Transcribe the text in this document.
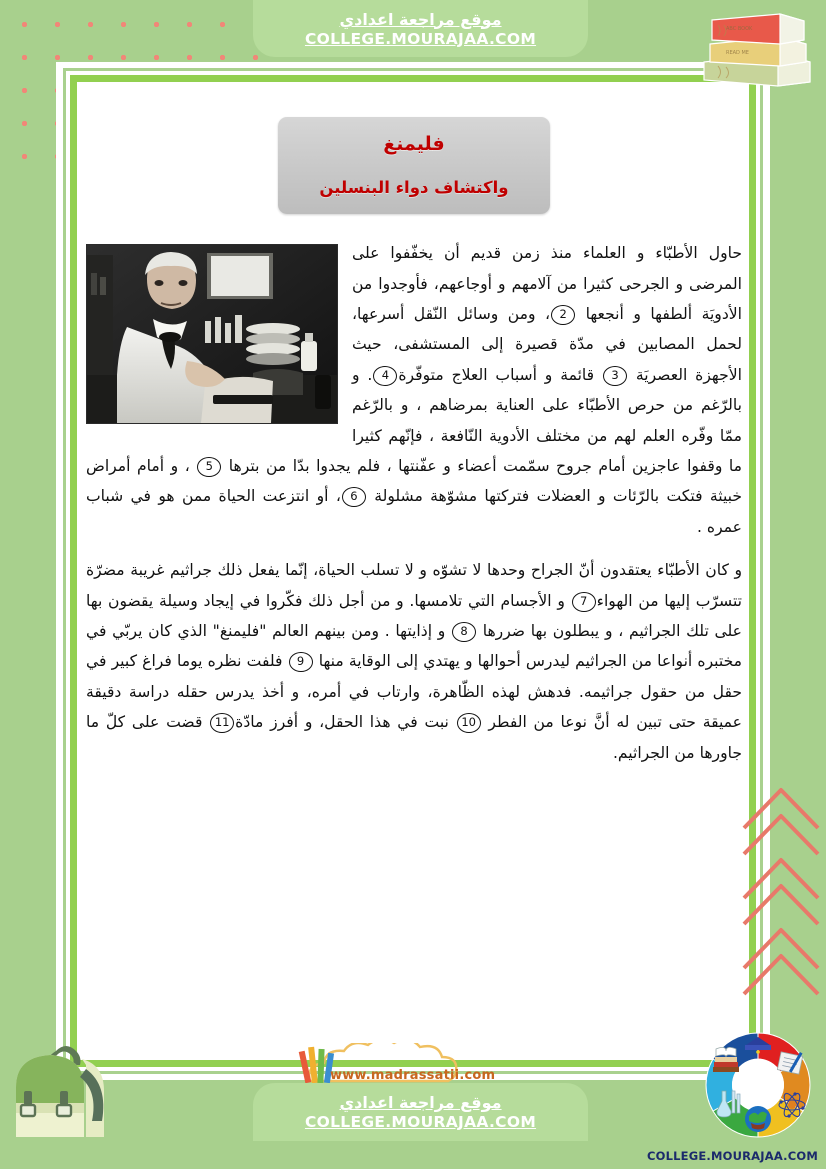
ABC BOOK
READ ME
موقع مراجعة اعدادي
COLLEGE.MOURAJAA.COM
فليمنغ
واكتشاف دواء البنسلين

حاول الأطبّاء و العلماء منذ زمن قديم أن يخفّفوا على المرضى و الجرحى كثيرا من آلامهم و أوجاعهم، فأوجدوا من الأدويَة ألطفها و أنجعها 2، ومن وسائل النّقل أسرعها، لحمل المصابين في مدّة قصيرة إلى المستشفى، حيث الأجهزة العصريَة 3 قائمة و أسباب العلاج متوفّرة4. و بالرّغم من حرص الأطبّاء على العناية بمرضاهم ، و بالرّغم ممّا وفّره العلم لهم من مختلف الأدوية النّافعة ، فإنّهم كثيرا ما وقفوا عاجزين أمام جروح سمّمت أعضاء و عفّنتها ، فلم يجدوا بدّا من بترها 5 ، و أمام أمراض خبيثة فتكت بالرّئات و العضلات فتركتها مشوّهة مشلولة 6، أو انتزعت الحياة ممن هو في شباب عمره .

و كان الأطبّاء يعتقدون أنّ الجراح وحدها لا تشوّه و لا تسلب الحياة، إنّما يفعل ذلك جراثيم غريبة مضرّة تتسرّب إليها من الهواء7 و الأجسام التي تلامسها. و من أجل ذلك فكّروا في إيجاد وسيلة يقضون بها على تلك الجراثيم ، و يبطلون بها ضررها 8 و إذايتها . ومن بينهم العالم "فليمنغ" الذي كان يربّي في مختبره أنواعا من الجراثيم ليدرس أحوالها و يهتدي إلى الوقاية منها 9 فلفت نظره يوما فراغ كبير في حقل من حقول جراثيمه. فدهش لهذه الظّاهرة، وارتاب في أمره، و أخذ يدرس حقله دراسة دقيقة عميقة حتى تبين له أنَّ نوعا من الفطر 10 نبت في هذا الحقل، و أفرز مادّة11 قضت على كلّ ما جاورها من الجراثيم.

www.madrassatii.com
موقع مراجعة اعدادي
COLLEGE.MOURAJAA.COM
COLLEGE.MOURAJAA.COM
